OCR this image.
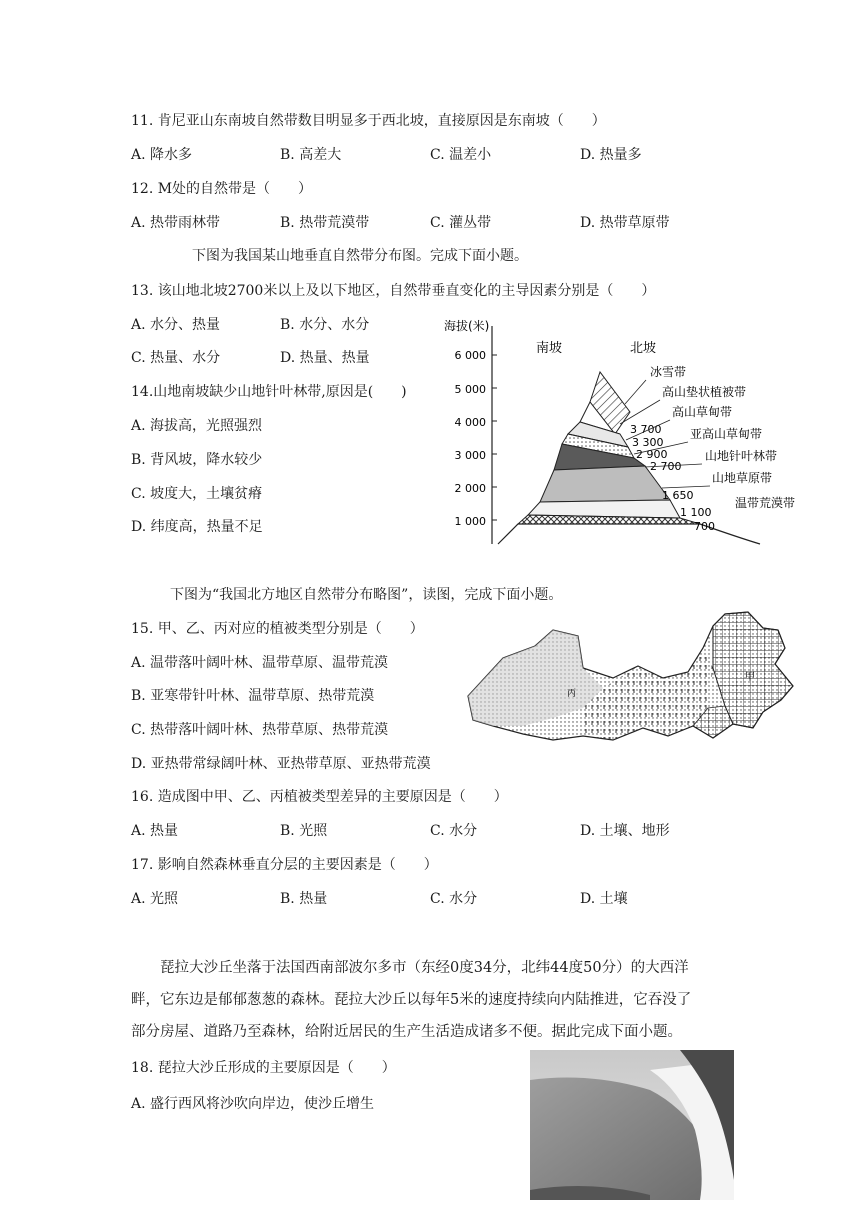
11. 肯尼亚山东南坡自然带数目明显多于西北坡，直接原因是东南坡（　　）
A. 降水多	B. 高差大	C. 温差小	D. 热量多
12. M处的自然带是（　　）
A. 热带雨林带	B. 热带荒漠带	C. 灌丛带	D. 热带草原带
下图为我国某山地垂直自然带分布图。完成下面小题。
13. 该山地北坡2700米以上及以下地区，自然带垂直变化的主导因素分别是（　　）
A. 水分、热量	B. 水分、水分
C. 热量、水分	D. 热量、热量
14.山地南坡缺少山地针叶林带,原因是(　　)
A. 海拔高，光照强烈
B. 背风坡，降水较少
C. 坡度大，土壤贫瘠
D. 纬度高，热量不足
海拔(米)
6 000
5 000
4 000
3 000
2 000
1 000
南坡	北坡
冰雪带
高山垫状植被带
高山草甸带
亚高山草甸带
山地针叶林带
山地草原带
温带荒漠带
3 700
3 300
2 900
2 700
1 650
1 100
700
下图为“我国北方地区自然带分布略图”，读图，完成下面小题。
15. 甲、乙、丙对应的植被类型分别是（　　）
A. 温带落叶阔叶林、温带草原、温带荒漠
B. 亚寒带针叶林、温带草原、热带荒漠
C. 热带落叶阔叶林、热带草原、热带荒漠
D. 亚热带常绿阔叶林、亚热带草原、亚热带荒漠
丙
甲
16. 造成图中甲、乙、丙植被类型差异的主要原因是（　　）
A. 热量	B. 光照	C. 水分	D. 土壤、地形
17. 影响自然森林垂直分层的主要因素是（　　）
A. 光照	B. 热量	C. 水分	D. 土壤
琵拉大沙丘坐落于法国西南部波尔多市（东经0度34分，北纬44度50分）的大西洋
畔，它东边是郁郁葱葱的森林。琵拉大沙丘以每年5米的速度持续向内陆推进，它吞没了
部分房屋、道路乃至森林，给附近居民的生产生活造成诸多不便。据此完成下面小题。
18. 琵拉大沙丘形成的主要原因是（　　）
A. 盛行西风将沙吹向岸边，使沙丘增生
